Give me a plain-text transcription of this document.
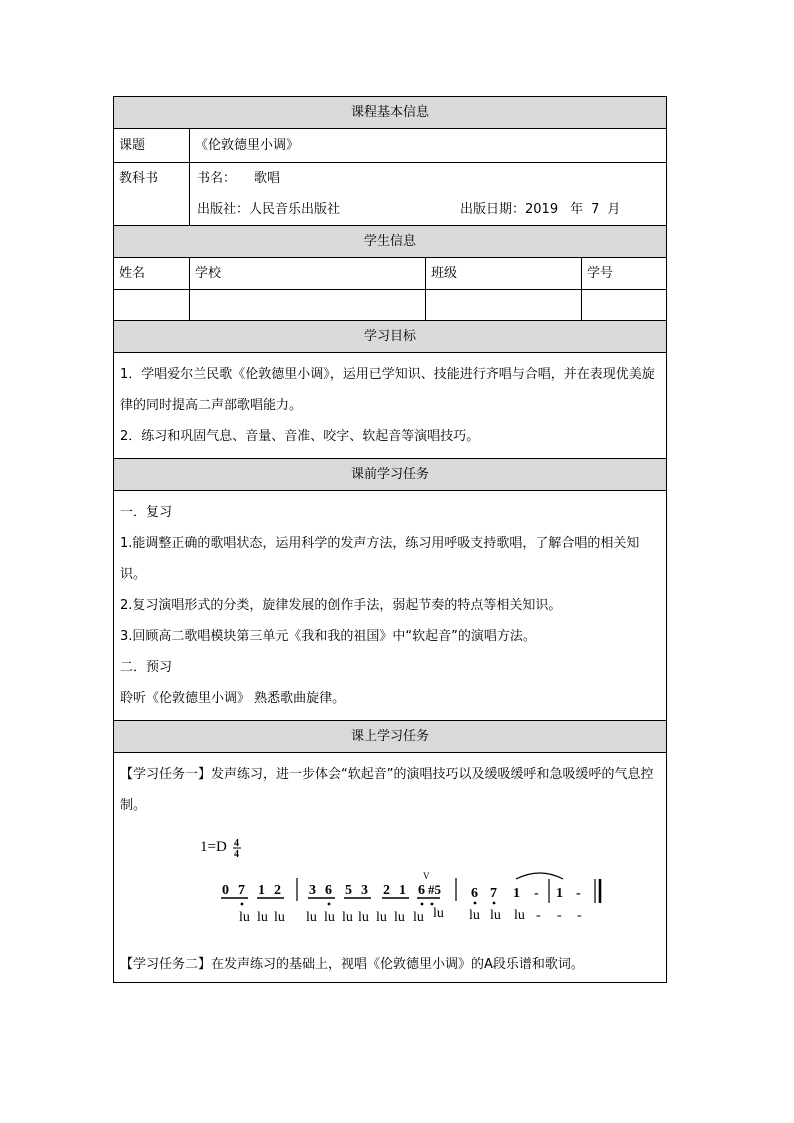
课程基本信息
课题	《伦敦德里小调》
教科书	书名： 歌唱
出版社：人民音乐出版社	出版日期：2019 年 7 月
学生信息
姓名	学校	班级	学号
学习目标

1．学唱爱尔兰民歌《伦敦德里小调》，运用已学知识、技能进行齐唱与合唱，并在表现优美旋律的同时提高二声部歌唱能力。

2．练习和巩固气息、音量、音准、咬字、软起音等演唱技巧。

课前学习任务

一．复习

1.能调整正确的歌唱状态，运用科学的发声方法，练习用呼吸支持歌唱，了解合唱的相关知识。

2.复习演唱形式的分类，旋律发展的创作手法，弱起节奏的特点等相关知识。

3.回顾高二歌唱模块第三单元《我和我的祖国》中“软起音”的演唱方法。

二．预习

聆听《伦敦德里小调》 熟悉歌曲旋律。

课上学习任务

【学习任务一】发声练习，进一步体会“软起音”的演唱技巧以及缓吸缓呼和急吸缓呼的气息控制。

1=D 4
4
0 7 1 2 3 6 5 3 2 1 6 #5
V
6 7 1 - 1 -
lu lu lu lu lu lu lu lu lu lu lu lu lu lu - - -

【学习任务二】在发声练习的基础上，视唱《伦敦德里小调》的A段乐谱和歌词。
